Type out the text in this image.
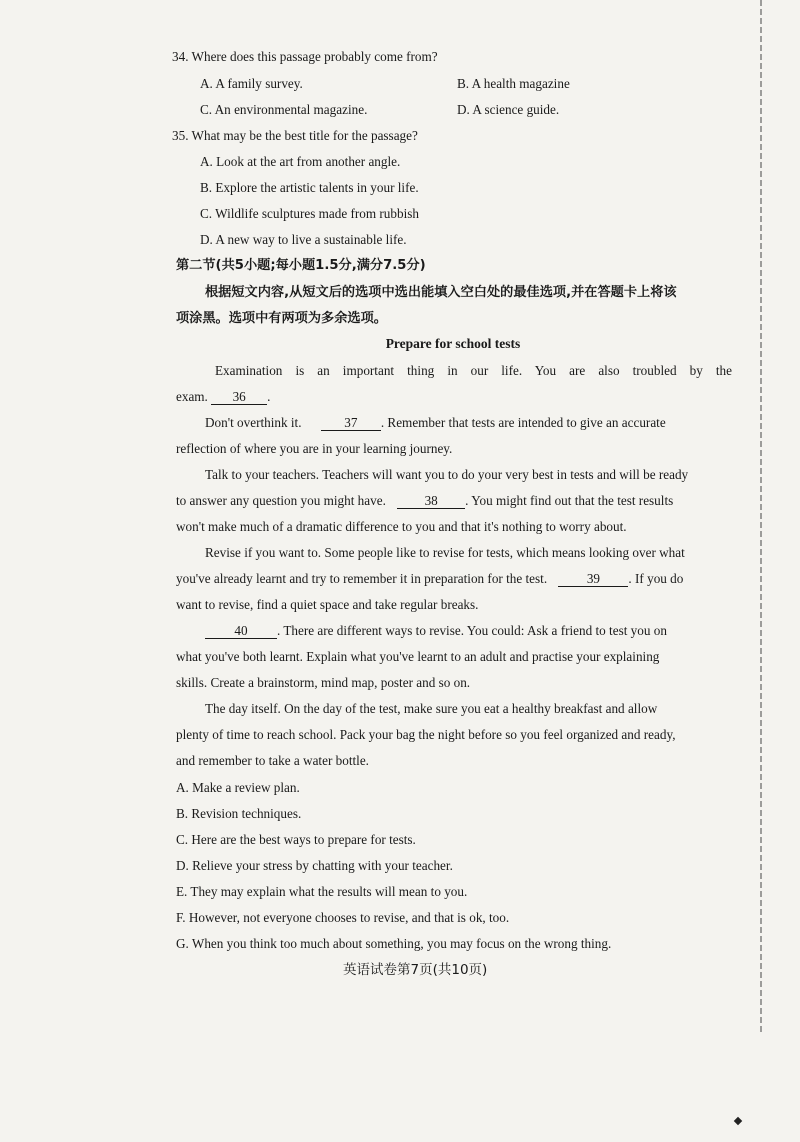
34. Where does this passage probably come from?
A. A family survey.	B. A health magazine
C. An environmental magazine.	D. A science guide.
35. What may be the best title for the passage?
A. Look at the art from another angle.
B. Explore the artistic talents in your life.
C. Wildlife sculptures made from rubbish
D. A new way to live a sustainable life.
第二节(共5小题;每小题1.5分,满分7.5分)
根据短文内容,从短文后的选项中选出能填入空白处的最佳选项,并在答题卡上将该
项涂黑。选项中有两项为多余选项。
Prepare for school tests
Examination is an important thing in our life. You are also troubled by the
exam. 36 .
Don't overthink it.	37 . Remember that tests are intended to give an accurate
reflection of where you are in your learning journey.
Talk to your teachers. Teachers will want you to do your very best in tests and will be ready
to answer any question you might have.	38 . You might find out that the test results
won't make much of a dramatic difference to you and that it's nothing to worry about.
Revise if you want to. Some people like to revise for tests, which means looking over what
you've already learnt and try to remember it in preparation for the test.	39 . If you do
want to revise, find a quiet space and take regular breaks.
40 . There are different ways to revise. You could: Ask a friend to test you on
what you've both learnt. Explain what you've learnt to an adult and practise your explaining
skills. Create a brainstorm, mind map, poster and so on.
The day itself. On the day of the test, make sure you eat a healthy breakfast and allow
plenty of time to reach school. Pack your bag the night before so you feel organized and ready,
and remember to take a water bottle.
A. Make a review plan.
B. Revision techniques.
C. Here are the best ways to prepare for tests.
D. Relieve your stress by chatting with your teacher.
E. They may explain what the results will mean to you.
F. However, not everyone chooses to revise, and that is ok, too.
G. When you think too much about something, you may focus on the wrong thing.
英语试卷第7页(共10页)
